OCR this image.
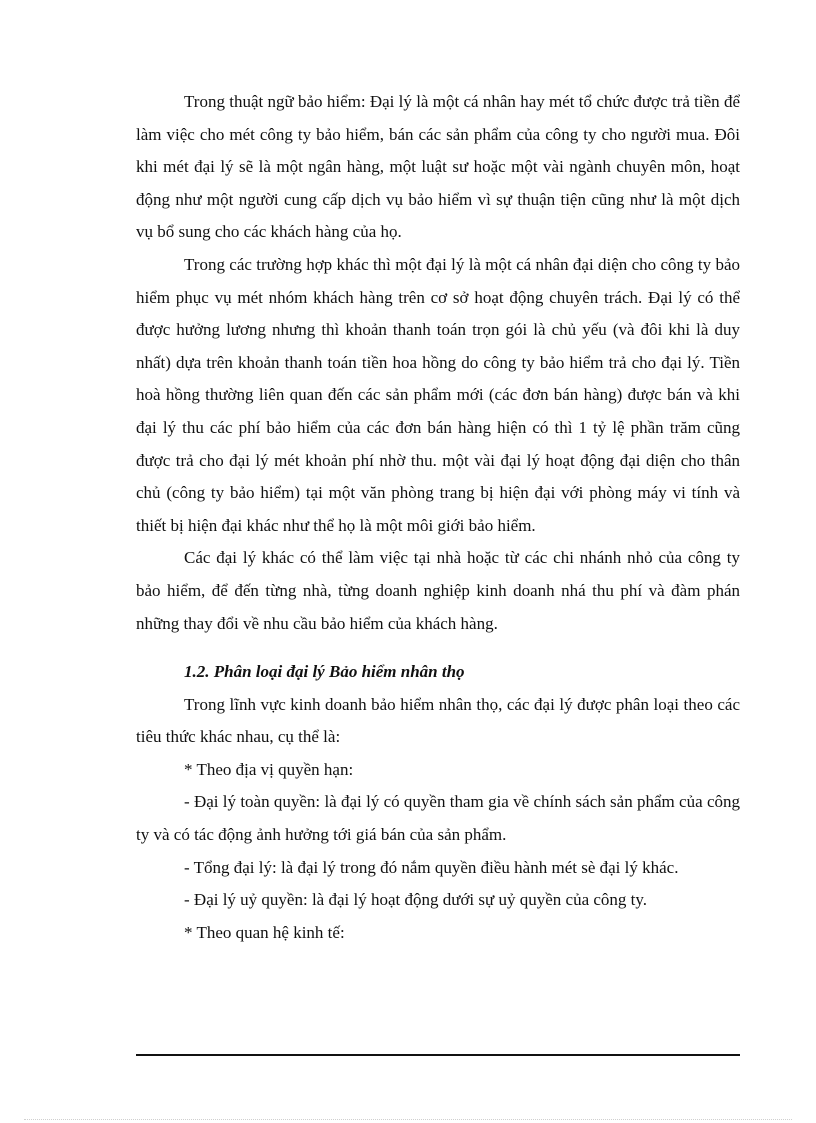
Trong thuật ngữ bảo hiểm: Đại lý là một cá nhân hay mét tổ chức được trả tiền để làm việc cho mét công ty bảo hiểm, bán các sản phẩm của công ty cho người mua. Đôi khi mét đại lý sẽ là một ngân hàng, một luật sư hoặc một vài ngành chuyên môn, hoạt động như một người cung cấp dịch vụ bảo hiểm vì sự thuận tiện cũng như là một dịch vụ bổ sung cho các khách hàng của họ.

Trong các trường hợp khác thì một đại lý là một cá nhân đại diện cho công ty bảo hiểm phục vụ mét nhóm khách hàng trên cơ sở hoạt động chuyên trách. Đại lý có thể được hưởng lương nhưng thì khoản thanh toán trọn gói là chủ yếu (và đôi khi là duy nhất) dựa trên khoản thanh toán tiền hoa hồng do công ty bảo hiểm trả cho đại lý. Tiền hoà hồng thường liên quan đến các sản phẩm mới (các đơn bán hàng) được bán và khi đại lý thu các phí bảo hiểm của các đơn bán hàng hiện có thì 1 tỷ lệ phần trăm cũng được trả cho đại lý mét khoản phí nhờ thu. một vài đại lý hoạt động đại diện cho thân chủ (công ty bảo hiểm) tại một văn phòng trang bị hiện đại với phòng máy vi tính và thiết bị hiện đại khác như thể họ là một môi giới bảo hiểm.

Các đại lý khác có thể làm việc tại nhà hoặc từ các chi nhánh nhỏ của công ty bảo hiểm, để đến từng nhà, từng doanh nghiệp kinh doanh nhá thu phí và đàm phán những thay đổi về nhu cầu bảo hiểm của khách hàng.

1.2. Phân loại đại lý Bảo hiểm nhân thọ

Trong lĩnh vực kinh doanh bảo hiểm nhân thọ, các đại lý được phân loại theo các tiêu thức khác nhau, cụ thể là:

* Theo địa vị quyền hạn:

- Đại lý toàn quyền: là đại lý có quyền tham gia về chính sách sản phẩm của công ty và có tác động ảnh hưởng tới giá bán của sản phẩm.

- Tổng đại lý: là đại lý trong đó nắm quyền điều hành mét sè đại lý khác.

- Đại lý uỷ quyền: là đại lý hoạt động dưới sự uỷ quyền của công ty.

* Theo quan hệ kinh tế:
